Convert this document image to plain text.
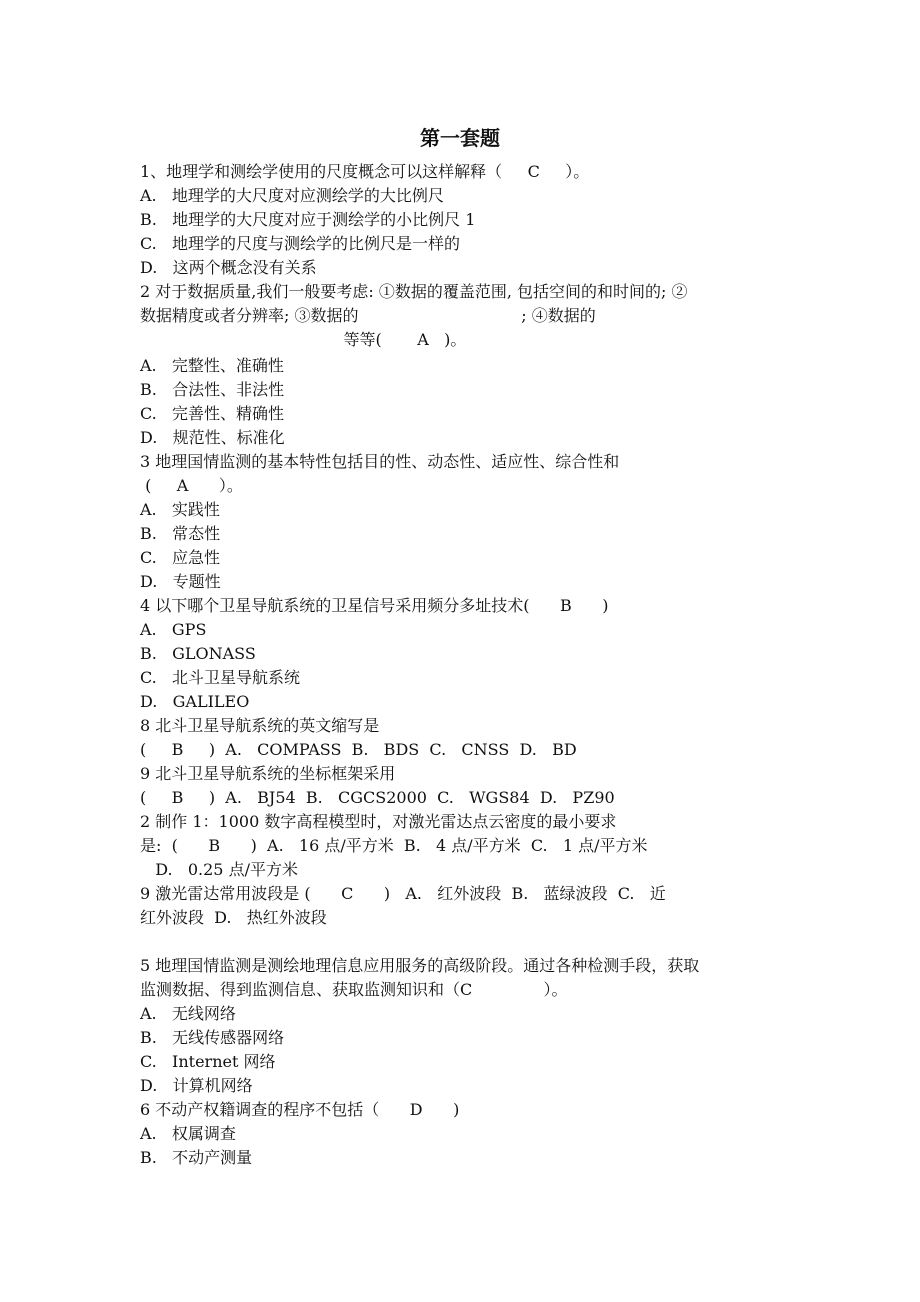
第一套题
1、地理学和测绘学使用的尺度概念可以这样解释（     C     ）。
A.   地理学的大尺度对应测绘学的大比例尺
B.   地理学的大尺度对应于测绘学的小比例尺 1
C.   地理学的尺度与测绘学的比例尺是一样的
D.   这两个概念没有关系
2 对于数据质量,我们一般要考虑: ①数据的覆盖范围, 包括空间的和时间的; ②
数据精度或者分辨率; ③数据的                                ; ④数据的
等等(       A   )。
A.   完整性、准确性
B.   合法性、非法性
C.   完善性、精确性
D.   规范性、标准化
3 地理国情监测的基本特性包括目的性、动态性、适应性、综合性和
(     A      ）。
A.   实践性
B.   常态性
C.   应急性
D.   专题性
4 以下哪个卫星导航系统的卫星信号采用频分多址技术(      B      )
A.   GPS
B.   GLONASS
C.   北斗卫星导航系统
D.   GALILEO
8 北斗卫星导航系统的英文缩写是
(     B     )  A.   COMPASS  B.   BDS  C.   CNSS  D.   BD
9 北斗卫星导航系统的坐标框架采用
(     B     )  A.   BJ54  B.   CGCS2000  C.   WGS84  D.   PZ90
2 制作 1：1000 数字高程模型时，对激光雷达点云密度的最小要求
是:  (      B      )  A.   16 点/平方米  B.   4 点/平方米  C.   1 点/平方米
D.   0.25 点/平方米
9 激光雷达常用波段是 (      C      )   A.   红外波段  B.   蓝绿波段  C.   近
红外波段  D.   热红外波段
5 地理国情监测是测绘地理信息应用服务的高级阶段。通过各种检测手段，获取
监测数据、得到监测信息、获取监测知识和（C              ）。
A.   无线网络
B.   无线传感器网络
C.   Internet 网络
D.   计算机网络
6 不动产权籍调查的程序不包括（      D      )
A.   权属调查
B.   不动产测量
